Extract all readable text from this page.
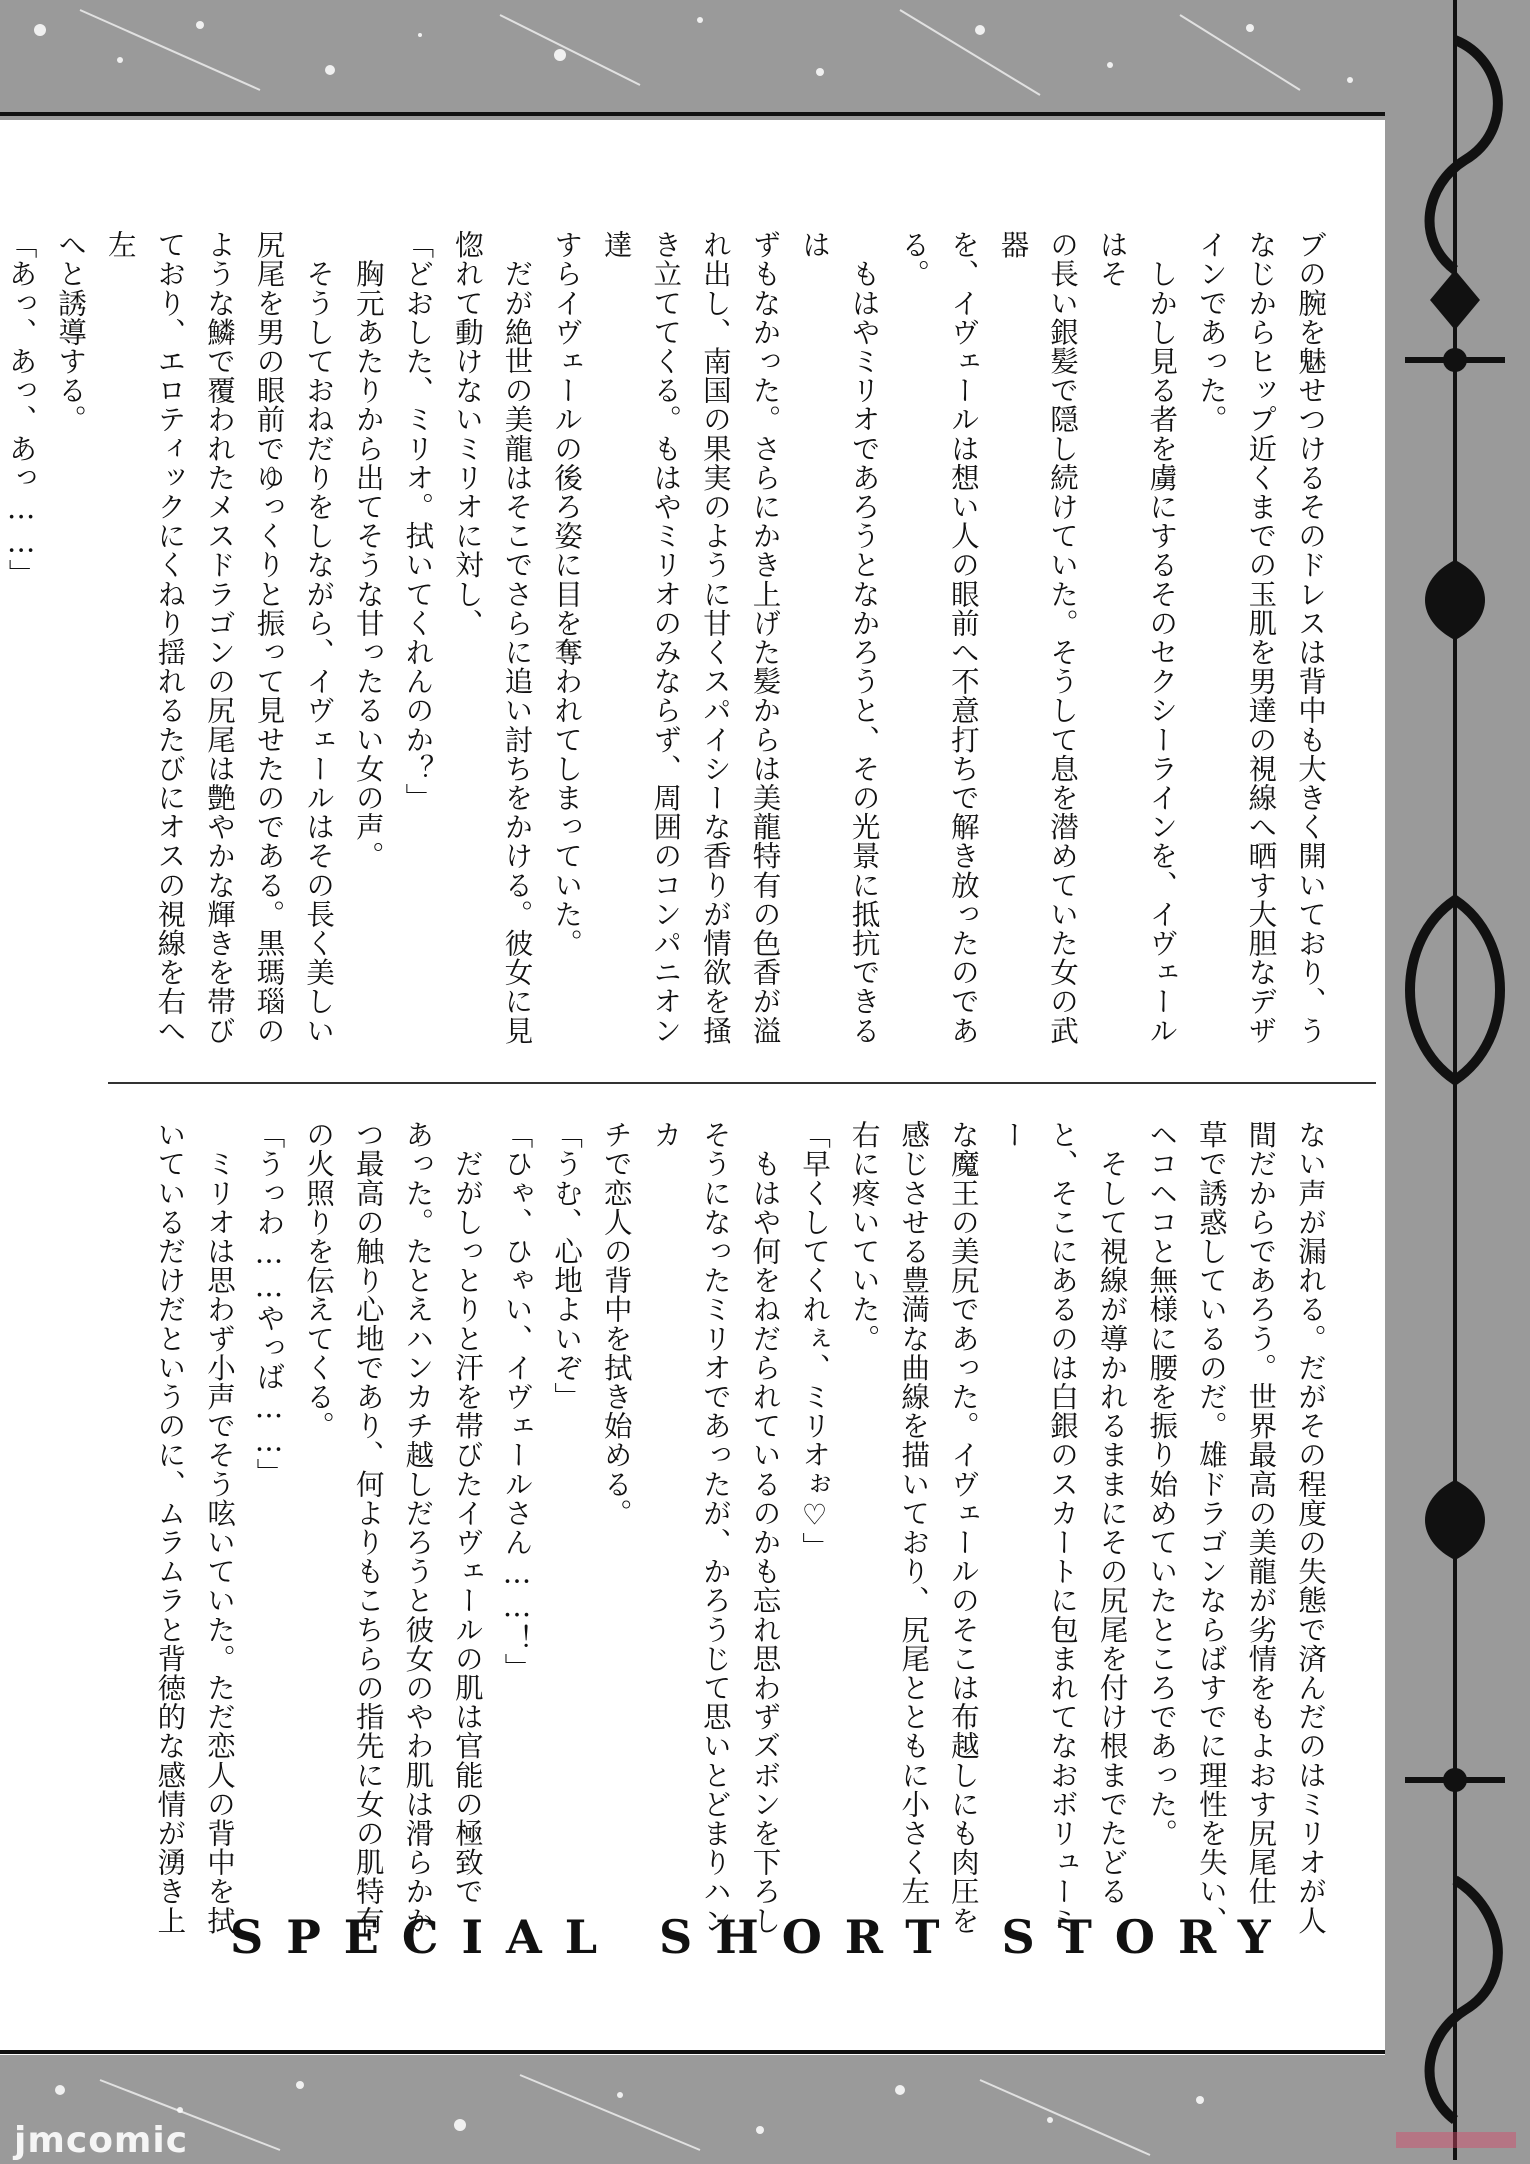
ブの腕を魅せつけるそのドレスは背中も大きく開いており、う
なじからヒップ近くまでの玉肌を男達の視線へ晒す大胆なデザ
インであった。
　しかし見る者を虜にするそのセクシーラインを、イヴェールはそ
の長い銀髪で隠し続けていた。そうして息を潜めていた女の武器
を、イヴェールは想い人の眼前へ不意打ちで解き放ったのである。
　もはやミリオであろうとなかろうと、その光景に抵抗できるは
ずもなかった。さらにかき上げた髪からは美龍特有の色香が溢
れ出し、南国の果実のように甘くスパイシーな香りが情欲を掻
き立ててくる。もはやミリオのみならず、周囲のコンパニオン達
すらイヴェールの後ろ姿に目を奪われてしまっていた。
　だが絶世の美龍はそこでさらに追い討ちをかける。彼女に見
惚れて動けないミリオに対し、
「どおした、ミリオ。拭いてくれんのか？」
　胸元あたりから出てそうな甘ったるい女の声。
　そうしておねだりをしながら、イヴェールはその長く美しい
尻尾を男の眼前でゆっくりと振って見せたのである。黒瑪瑙の
ような鱗で覆われたメスドラゴンの尻尾は艶やかな輝きを帯び
ており、エロティックにくねり揺れるたびにオスの視線を右へ左
へと誘導する。
「あっ、あっ、あっ……」
ない声が漏れる。だがその程度の失態で済んだのはミリオが人
間だからであろう。世界最高の美龍が劣情をもよおす尻尾仕
草で誘惑しているのだ。雄ドラゴンならばすでに理性を失い、
ヘコヘコと無様に腰を振り始めていたところであった。
　そして視線が導かれるままにその尻尾を付け根までたどる
と、そこにあるのは白銀のスカートに包まれてなおボリューミー
な魔王の美尻であった。イヴェールのそこは布越しにも肉圧を
感じさせる豊満な曲線を描いており、尻尾とともに小さく左
右に疼いていた。
「早くしてくれぇ、ミリオぉ♡」
　もはや何をねだられているのかも忘れ思わずズボンを下ろし
そうになったミリオであったが、かろうじて思いとどまりハンカ
チで恋人の背中を拭き始める。
「うむ、心地よいぞ」
「ひゃ、ひゃい、イヴェールさん……！」
　だがしっとりと汗を帯びたイヴェールの肌は官能の極致で
あった。たとえハンカチ越しだろうと彼女のやわ肌は滑らかか
つ最高の触り心地であり、何よりもこちらの指先に女の肌特有
の火照りを伝えてくる。
「うっわ……やっば……」
　ミリオは思わず小声でそう呟いていた。ただ恋人の背中を拭
いているだけだというのに、ムラムラと背徳的な感情が湧き上
SPECIAL SHORT STORY
jmcomic
